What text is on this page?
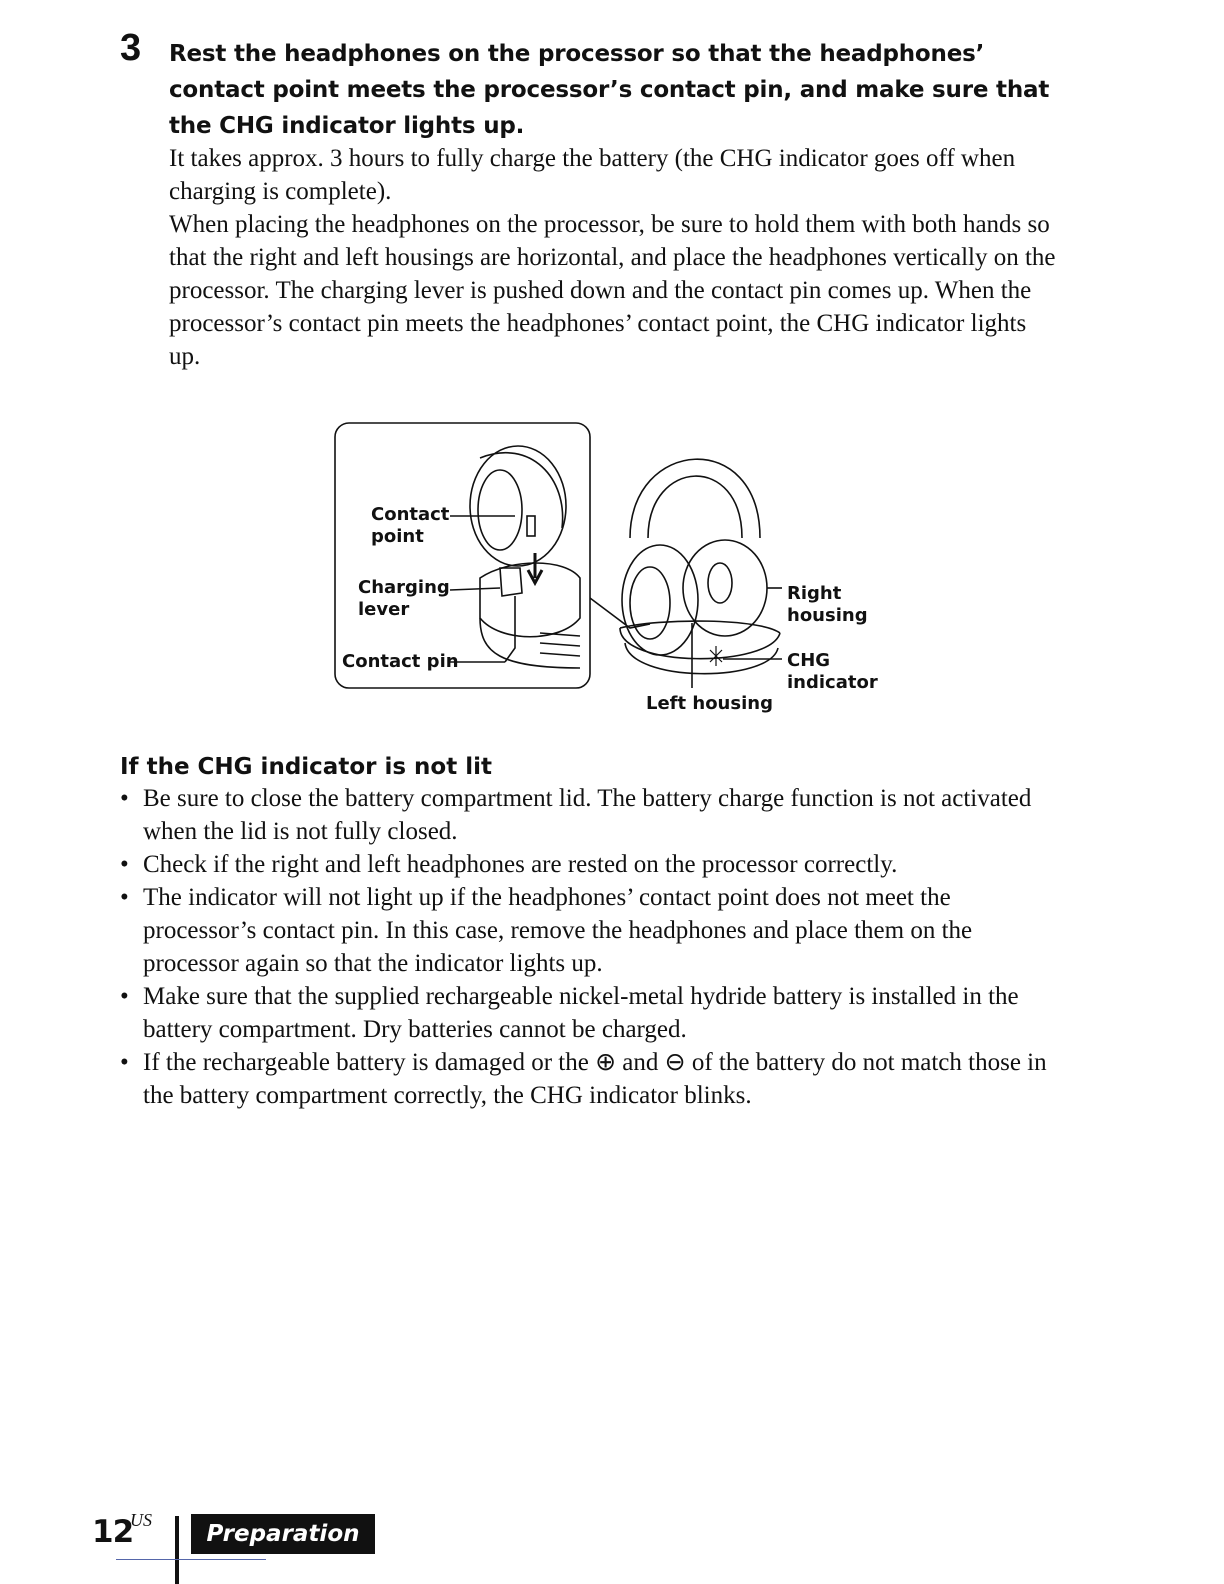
3 Rest the headphones on the processor so that the headphones’ contact point meets the processor’s contact pin, and make sure that the CHG indicator lights up.

It takes approx. 3 hours to fully charge the battery (the CHG indicator goes off when charging is complete).

When placing the headphones on the processor, be sure to hold them with both hands so that the right and left housings are horizontal, and place the headphones vertically on the processor. The charging lever is pushed down and the contact pin comes up. When the processor’s contact pin meets the headphones’ contact point, the CHG indicator lights up.

Contact
point
Charging
lever
Contact pin
Right
housing
CHG
indicator
Left housing
If the CHG indicator is not lit
• Be sure to close the battery compartment lid. The battery charge function is not activated when the lid is not fully closed.
• Check if the right and left headphones are rested on the processor correctly.
• The indicator will not light up if the headphones’ contact point does not meet the processor’s contact pin. In this case, remove the headphones and place them on the processor again so that the indicator lights up.
• Make sure that the supplied rechargeable nickel-metal hydride battery is installed in the battery compartment. Dry batteries cannot be charged.
• If the rechargeable battery is damaged or the ⊕ and ⊖ of the battery do not match those in the battery compartment correctly, the CHG indicator blinks.
12
US
Preparation
